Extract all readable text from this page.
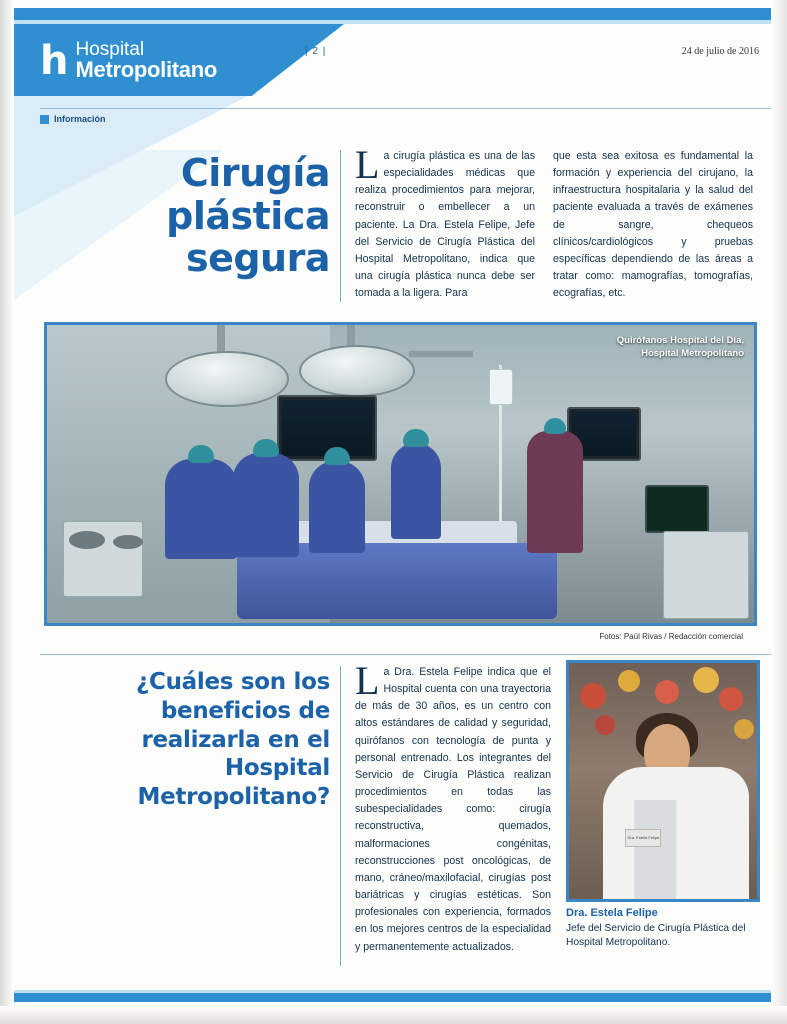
h Hospital
Metropolitano
| 2 |	24 de julio de 2016
Información
Cirugía plástica segura

La cirugía plástica es una de las especialidades médicas que realiza procedimientos para mejorar, reconstruir o embellecer a un paciente. La Dra. Estela Felipe, Jefe del Servicio de Cirugía Plástica del Hospital Metropolitano, indica que una cirugía plástica nunca debe ser tomada a la ligera. Para

que esta sea exitosa es fundamental la formación y experiencia del cirujano, la infraestructura hospitalaria y la salud del paciente evaluada a través de exámenes de sangre, chequeos clínicos/cardiológicos y pruebas específicas dependiendo de las áreas a tratar como: mamografías, tomografías, ecografías, etc.

Quirófanos Hospital del Día,
Hospital Metropolitano
Fotos: Paúl Rivas / Redacción comercial
¿Cuáles son los beneficios de realizarla en el Hospital Metropolitano?

La Dra. Estela Felipe indica que el Hospital cuenta con una trayectoria de más de 30 años, es un centro con altos estándares de calidad y seguridad, quirófanos con tecnología de punta y personal entrenado. Los integrantes del Servicio de Cirugía Plástica realizan procedimientos en todas las subespecialidades como: cirugía reconstructiva, quemados, malformaciones congénitas, reconstrucciones post oncológicas, de mano, cráneo/maxilofacial, cirugías post bariátricas y cirugías estéticas. Son profesionales con experiencia, formados en los mejores centros de la especialidad y permanentemente actualizados.

Dra. Estela Felipe
Dra. Estela Felipe
Jefe del Servicio de Cirugía Plástica del Hospital Metropolitano.
